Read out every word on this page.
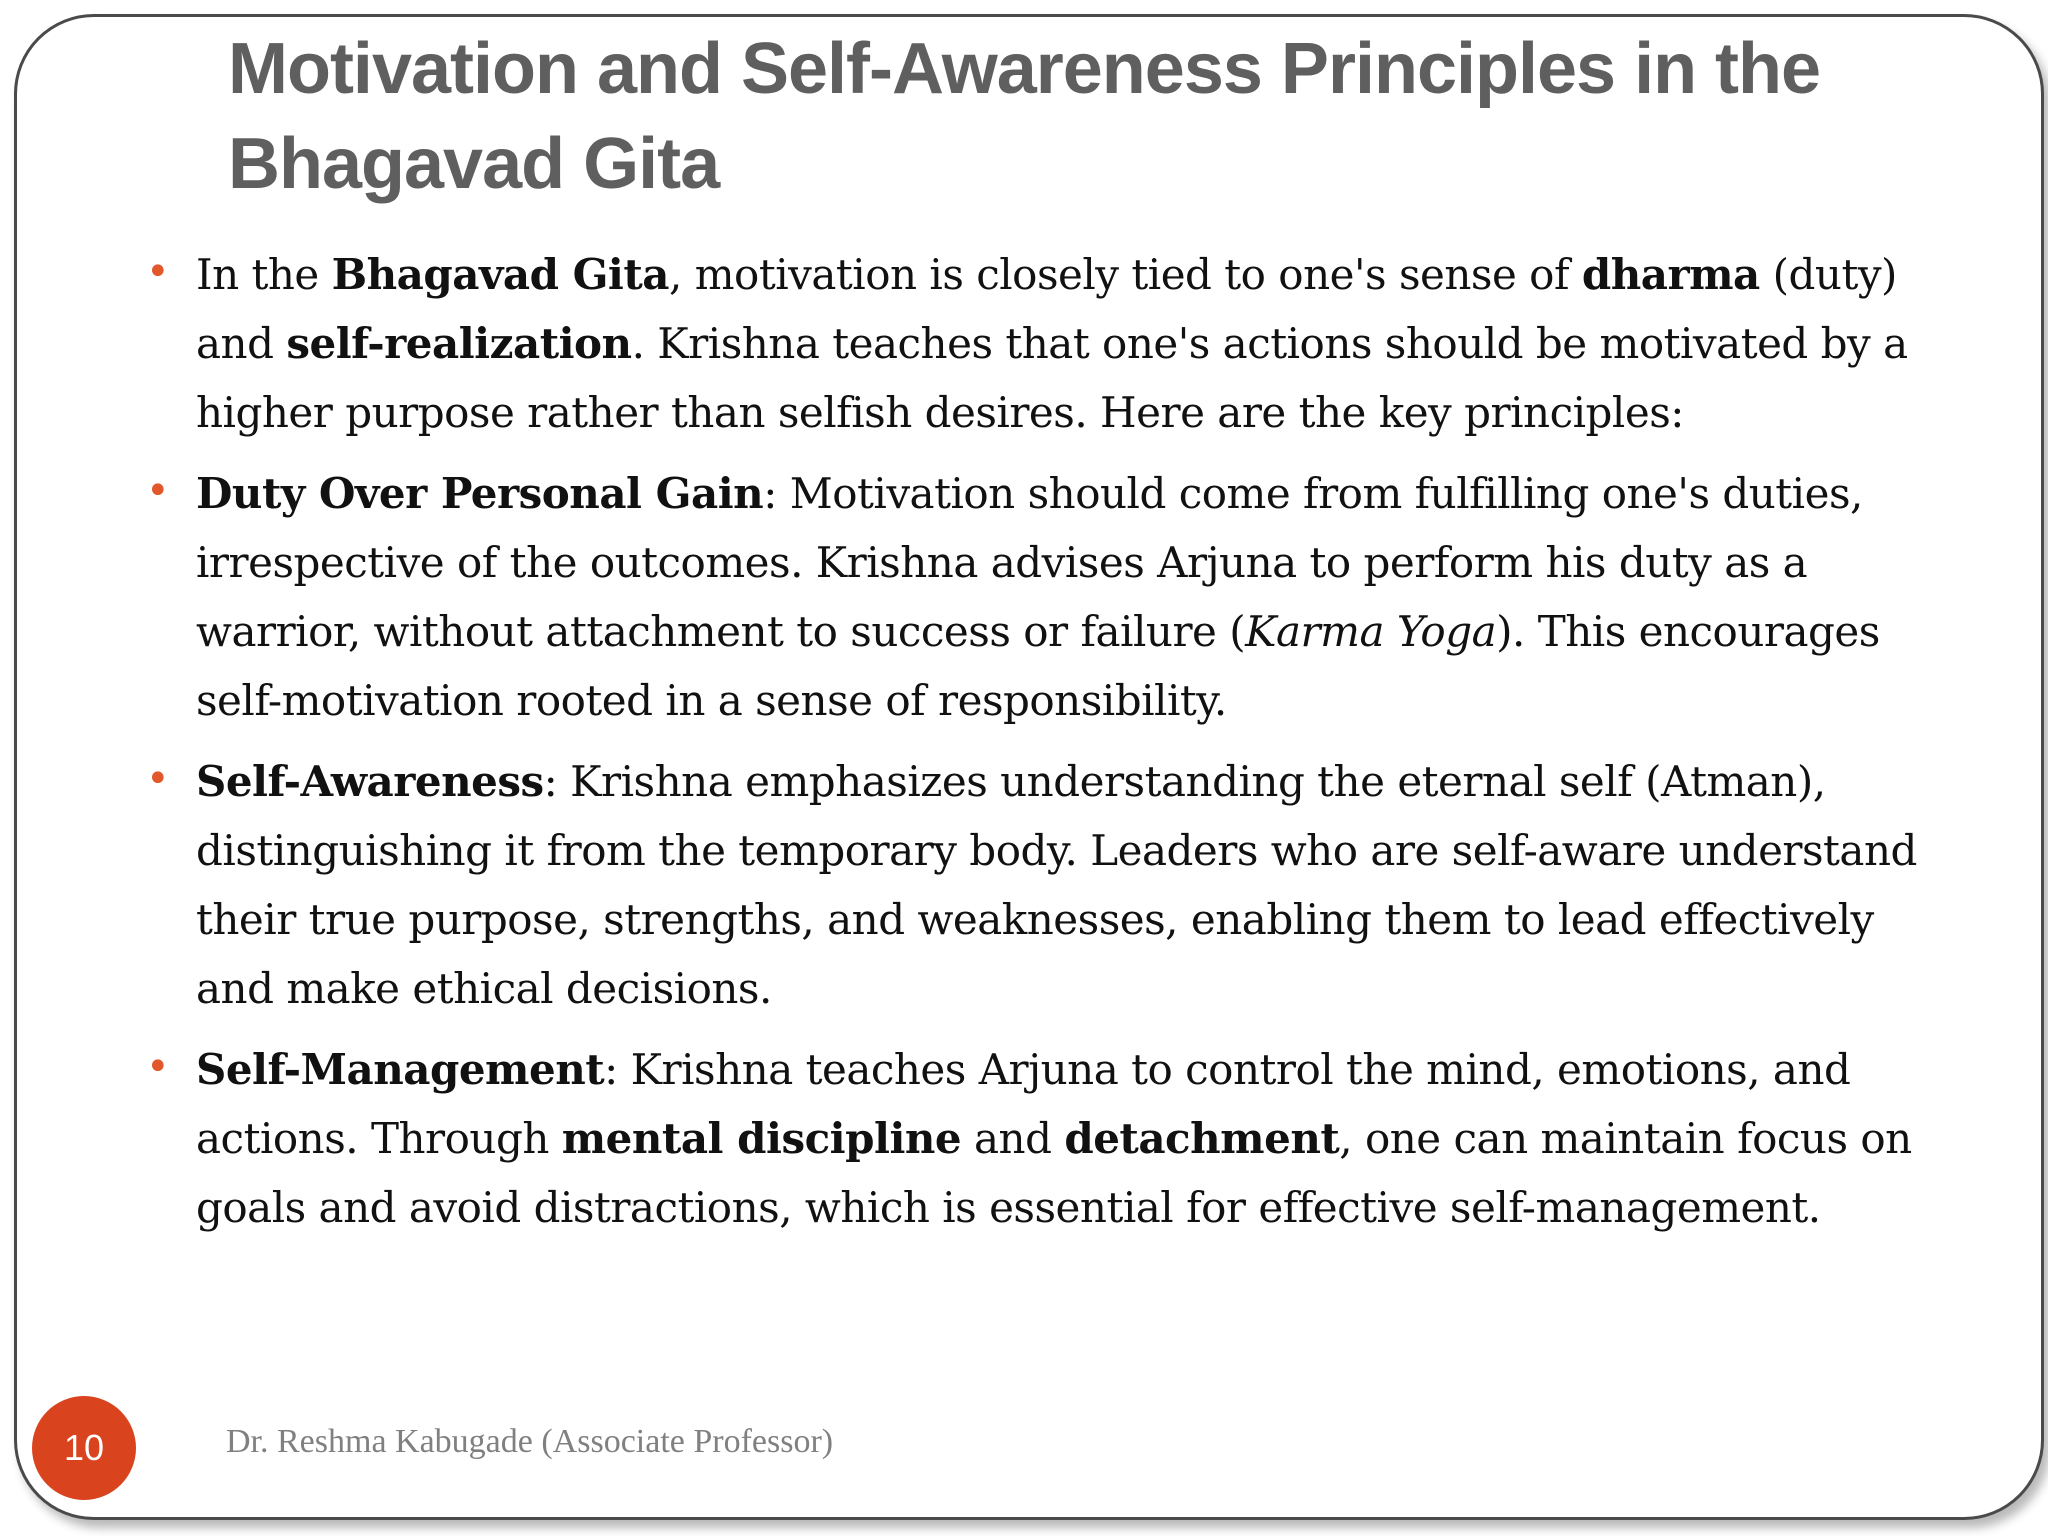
Motivation and Self-Awareness Principles in the Bhagavad Gita
• In the Bhagavad Gita, motivation is closely tied to one's sense of dharma (duty) and self-realization. Krishna teaches that one's actions should be motivated by a higher purpose rather than selfish desires. Here are the key principles:
• Duty Over Personal Gain: Motivation should come from fulfilling one's duties, irrespective of the outcomes. Krishna advises Arjuna to perform his duty as a warrior, without attachment to success or failure (Karma Yoga). This encourages self-motivation rooted in a sense of responsibility.
• Self-Awareness: Krishna emphasizes understanding the eternal self (Atman), distinguishing it from the temporary body. Leaders who are self-aware understand their true purpose, strengths, and weaknesses, enabling them to lead effectively and make ethical decisions.
• Self-Management: Krishna teaches Arjuna to control the mind, emotions, and actions. Through mental discipline and detachment, one can maintain focus on goals and avoid distractions, which is essential for effective self-management.
10	Dr. Reshma Kabugade (Associate Professor)
